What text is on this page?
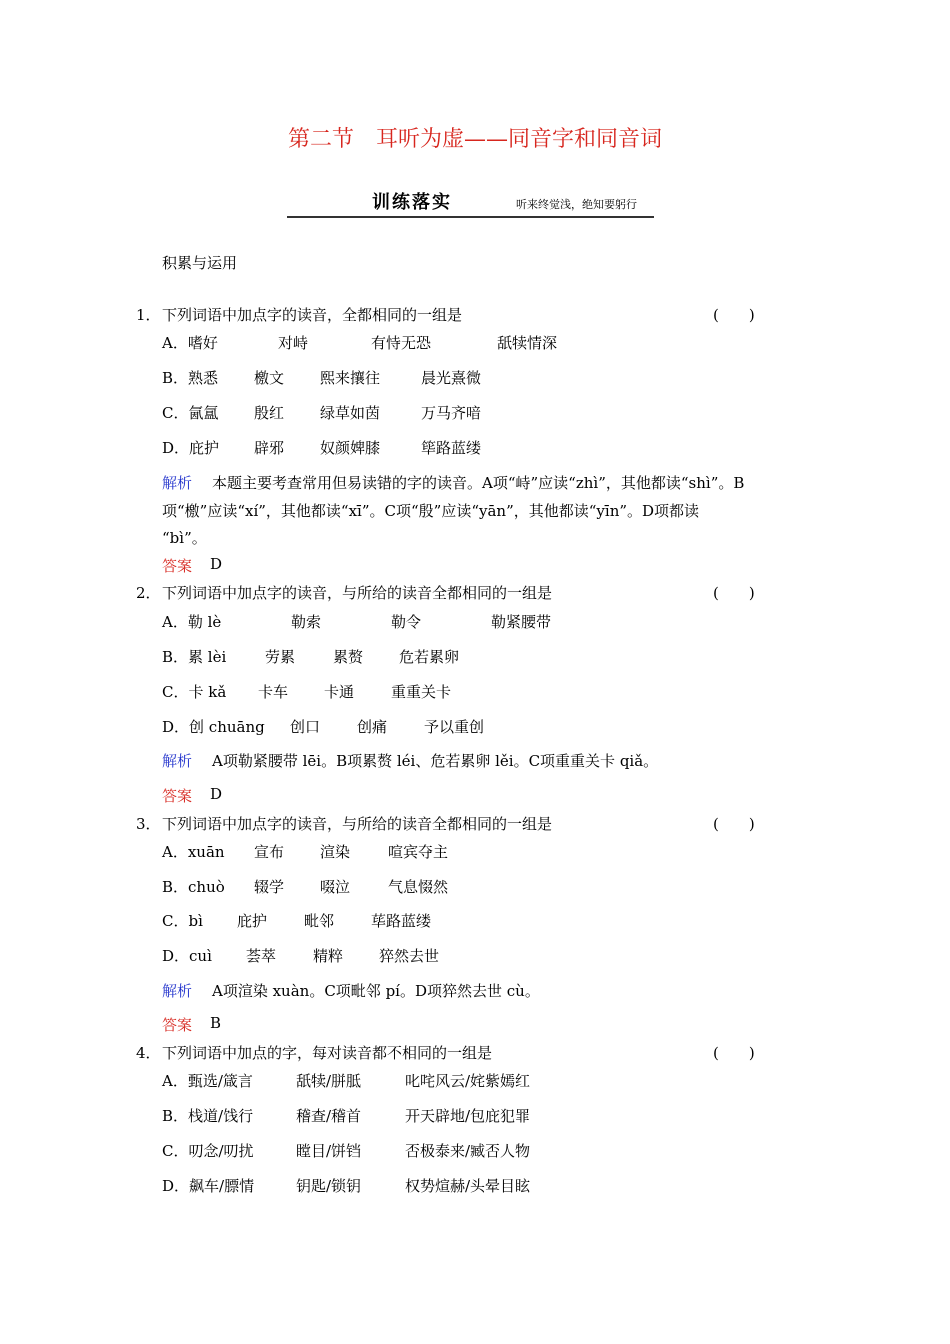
第二节　耳听为虚——同音字和同音词
训练落实	听来终觉浅，绝知要躬行
积累与运用
1． 下列词语中加点字的读音，全都相同的一组是	(　　)
A．嗜好	对峙	有恃无恐	舐犊情深
B．熟悉 檄文 熙来攘往	晨光熹微
C．氤氲 殷红 绿草如茵	万马齐喑
D．庇护 辟邪 奴颜婢膝	筚路蓝缕
解析 本题主要考查常用但易读错的字的读音。A项“峙”应读“zhì”，其他都读“shì”。B
项“檄”应读“xí”，其他都读“xī”。C项“殷”应读“yān”，其他都读“yīn”。D项都读
“bì”。
答案 D
2． 下列词语中加点字的读音，与所给的读音全都相同的一组是	(　　)
A．勒 lè	勒索	勒令	勒紧腰带
B．累 lèi	劳累	累赘 危若累卵
C．卡 kǎ 卡车 卡通 重重关卡
D．创 chuāng 创口 创痛 予以重创
解析 A项勒紧腰带 lēi。B项累赘 léi、危若累卵 lěi。C项重重关卡 qiǎ。
答案 D
3． 下列词语中加点字的读音，与所给的读音全都相同的一组是	(　　)
A．xuān 宣布 渲染	喧宾夺主
B．chuò 辍学 啜泣	气息惙然
C．bì 庇护 毗邻 荜路蓝缕
D．cuì 荟萃 精粹 猝然去世
解析 A项渲染 xuàn。C项毗邻 pí。D项猝然去世 cù。
答案 B
4． 下列词语中加点的字，每对读音都不相同的一组是	(　　)
A．甄选/箴言	舐犊/胼胝	叱咤风云/姹紫嫣红
B．栈道/饯行	稽查/稽首	开天辟地/包庇犯罪
C．叨念/叨扰	瞠目/饼铛	否极泰来/臧否人物
D．飙车/膘情	钥匙/锁钥	权势煊赫/头晕目眩
